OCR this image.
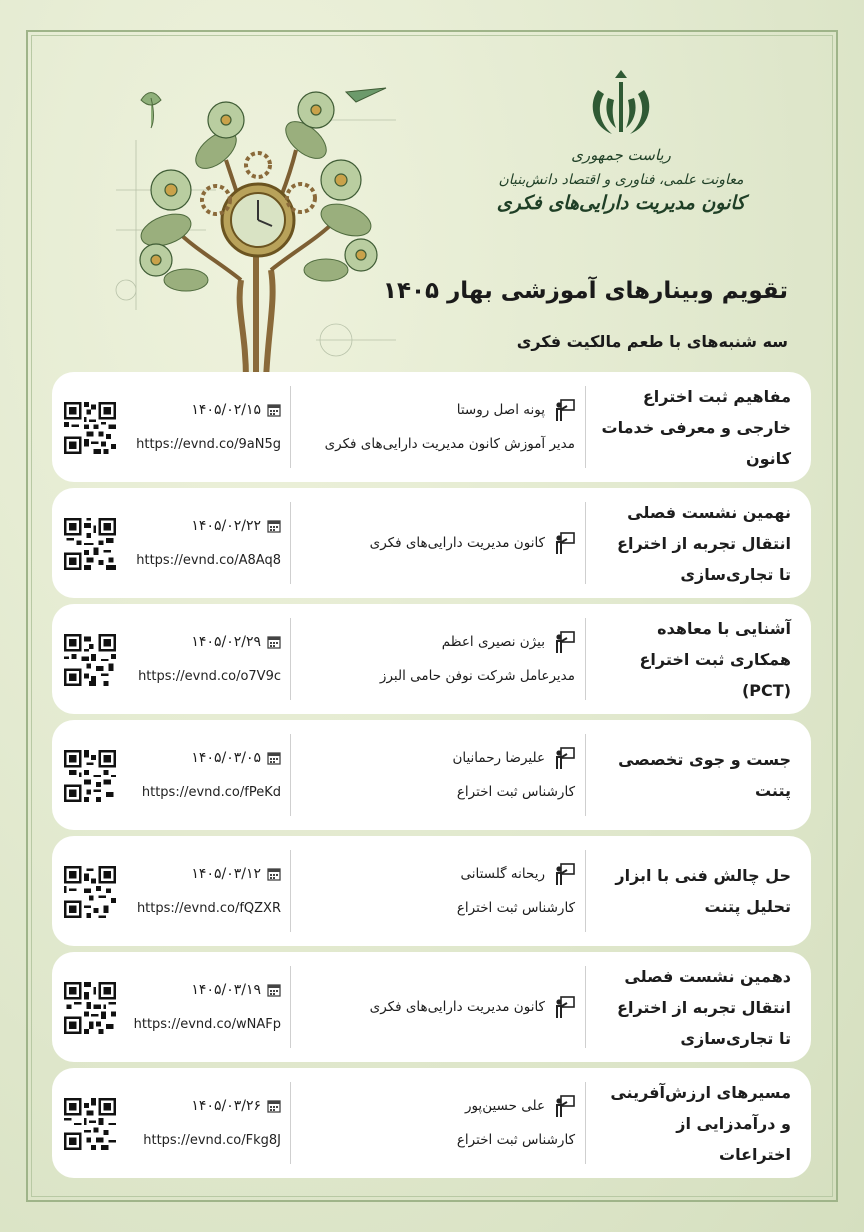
ریاست جمهوری
معاونت علمی، فناوری و اقتصاد دانش‌بنیان
کانون مدیریت دارایی‌های فکری
تقویم وبینارهای آموزشی بهار ۱۴۰۵
سه شنبه‌های با طعم مالکیت فکری
مفاهیم ثبت اختراع خارجی و معرفی خدمات کانون
پونه اصل روستا
مدیر آموزش کانون مدیریت دارایی‌های فکری
۱۴۰۵/۰۲/۱۵
https://evnd.co/9aN5g
نهمین نشست فصلی انتقال تجربه از اختراع تا تجاری‌سازی
کانون مدیریت دارایی‌های فکری
۱۴۰۵/۰۲/۲۲
https://evnd.co/A8Aq8
آشنایی با معاهده همکاری ثبت اختراع (PCT)
بیژن نصیری اعظم
مدیرعامل شرکت نوفن حامی البرز
۱۴۰۵/۰۲/۲۹
https://evnd.co/o7V9c
جست و جوی تخصصی پتنت
علیرضا رحمانیان
کارشناس ثبت اختراع
۱۴۰۵/۰۳/۰۵
https://evnd.co/fPeKd
حل چالش فنی با ابزار تحلیل پتنت
ریحانه گلستانی
کارشناس ثبت اختراع
۱۴۰۵/۰۳/۱۲
https://evnd.co/fQZXR
دهمین نشست فصلی انتقال تجربه از اختراع تا تجاری‌سازی
کانون مدیریت دارایی‌های فکری
۱۴۰۵/۰۳/۱۹
https://evnd.co/wNAFp
مسیرهای ارزش‌آفرینی و درآمدزایی از اختراعات
علی حسین‌پور
کارشناس ثبت اختراع
۱۴۰۵/۰۳/۲۶
https://evnd.co/Fkg8J
